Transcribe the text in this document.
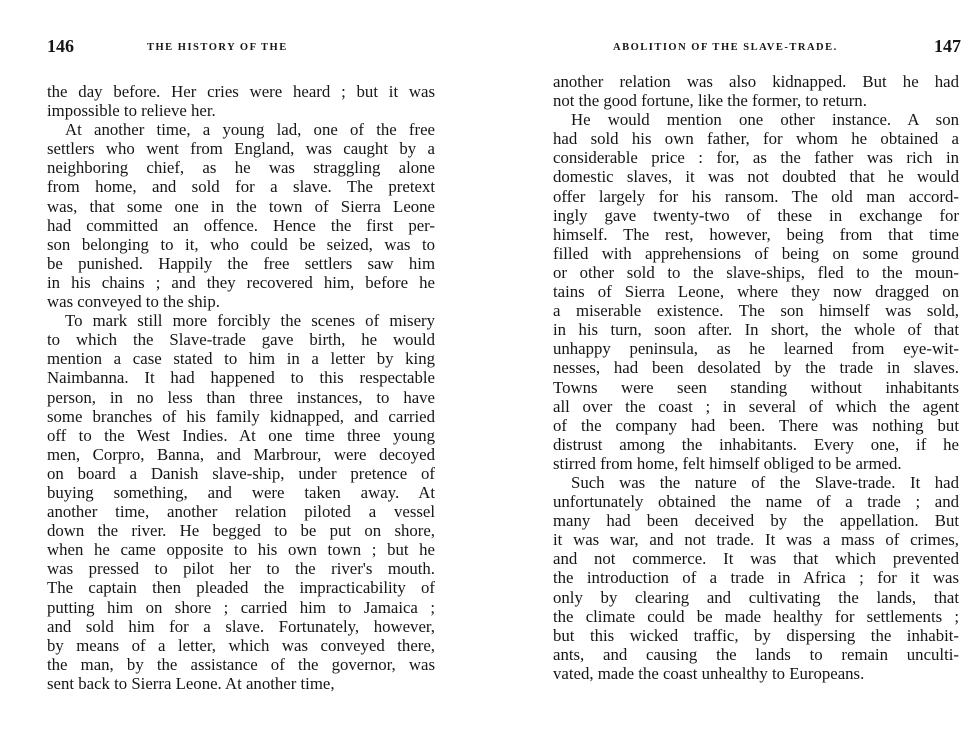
146	THE HISTORY OF THE
the day before. Her cries were heard ; but it was
impossible to relieve her.
At another time, a young lad, one of the free
settlers who went from England, was caught by a
neighboring chief, as he was straggling alone
from home, and sold for a slave. The pretext
was, that some one in the town of Sierra Leone
had committed an offence. Hence the first per-
son belonging to it, who could be seized, was to
be punished. Happily the free settlers saw him
in his chains ; and they recovered him, before he
was conveyed to the ship.
To mark still more forcibly the scenes of misery
to which the Slave-trade gave birth, he would
mention a case stated to him in a letter by king
Naimbanna. It had happened to this respectable
person, in no less than three instances, to have
some branches of his family kidnapped, and carried
off to the West Indies. At one time three young
men, Corpro, Banna, and Marbrour, were decoyed
on board a Danish slave-ship, under pretence of
buying something, and were taken away. At
another time, another relation piloted a vessel
down the river. He begged to be put on shore,
when he came opposite to his own town ; but he
was pressed to pilot her to the river's mouth.
The captain then pleaded the impracticability of
putting him on shore ; carried him to Jamaica ;
and sold him for a slave. Fortunately, however,
by means of a letter, which was conveyed there,
the man, by the assistance of the governor, was
sent back to Sierra Leone. At another time,
ABOLITION OF THE SLAVE-TRADE.	147
another relation was also kidnapped. But he had
not the good fortune, like the former, to return.
He would mention one other instance. A son
had sold his own father, for whom he obtained a
considerable price : for, as the father was rich in
domestic slaves, it was not doubted that he would
offer largely for his ransom. The old man accord-
ingly gave twenty-two of these in exchange for
himself. The rest, however, being from that time
filled with apprehensions of being on some ground
or other sold to the slave-ships, fled to the moun-
tains of Sierra Leone, where they now dragged on
a miserable existence. The son himself was sold,
in his turn, soon after. In short, the whole of that
unhappy peninsula, as he learned from eye-wit-
nesses, had been desolated by the trade in slaves.
Towns were seen standing without inhabitants
all over the coast ; in several of which the agent
of the company had been. There was nothing but
distrust among the inhabitants. Every one, if he
stirred from home, felt himself obliged to be armed.
Such was the nature of the Slave-trade. It had
unfortunately obtained the name of a trade ; and
many had been deceived by the appellation. But
it was war, and not trade. It was a mass of crimes,
and not commerce. It was that which prevented
the introduction of a trade in Africa ; for it was
only by clearing and cultivating the lands, that
the climate could be made healthy for settlements ;
but this wicked traffic, by dispersing the inhabit-
ants, and causing the lands to remain unculti-
vated, made the coast unhealthy to Europeans.
